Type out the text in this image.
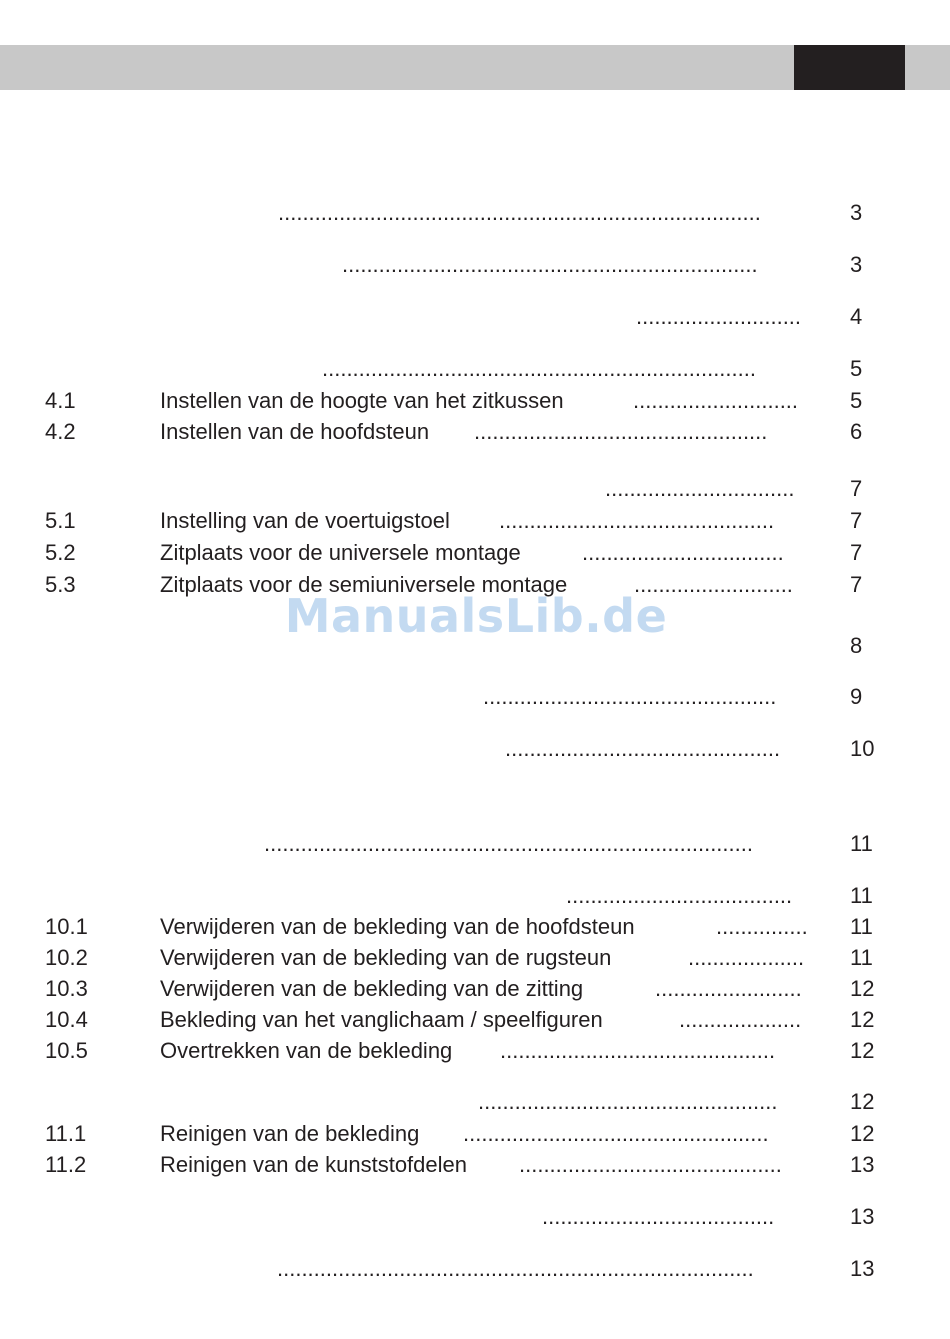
...............................................................................	3
....................................................................	3
........................... 4
.......................................................................	5
4.1	Instellen van de hoogte van het zitkussen	........................... 5
4.2	Instellen van de hoofdsteun ................................................	6
...............................	7
5.1	Instelling van de voertuigstoel .............................................	7
5.2	Zitplaats voor de universele montage	.................................	7
5.3	Zitplaats voor de semiuniversele montage	..........................	7
8
................................................	9
.............................................	10
................................................................................	11
.....................................	11
10.1	Verwijderen van de bekleding van de hoofdsteun	............... 11
10.2	Verwijderen van de bekleding van de rugsteun	................... 11
10.3	Verwijderen van de bekleding van de zitting	........................ 12
10.4	Bekleding van het vanglichaam / speelfiguren	.................... 12
10.5	Overtrekken van de bekleding .............................................	12
.................................................	12
11.1	Reinigen van de bekleding ..................................................	12
11.2	Reinigen van de kunststofdelen ...........................................	13
......................................	13
..............................................................................	13
ManualsLib.de
